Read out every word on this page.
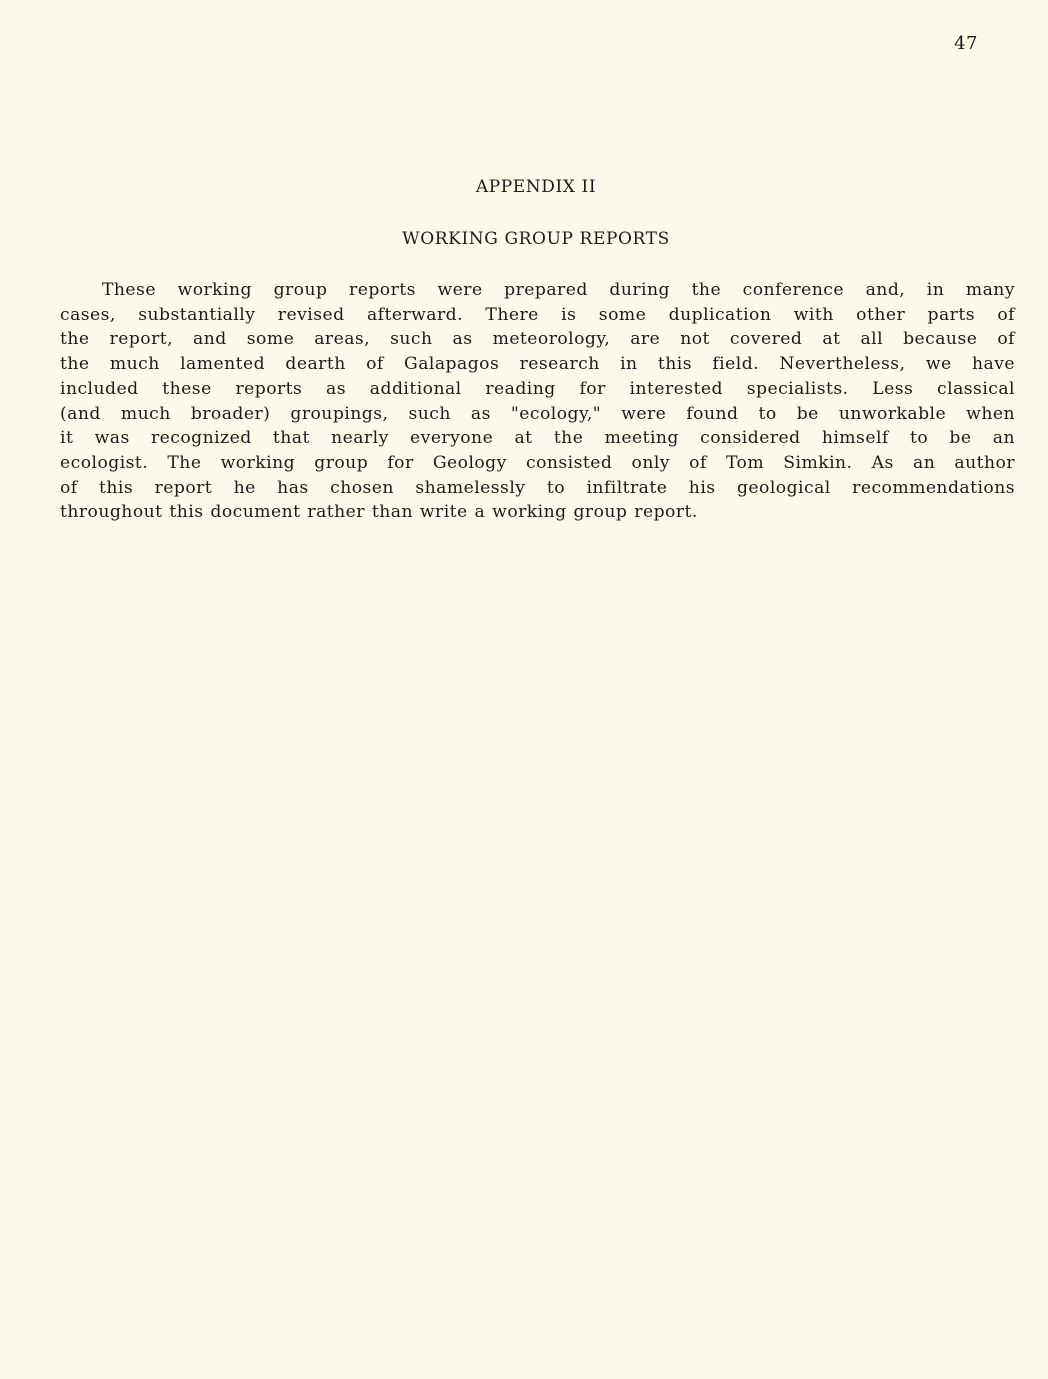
47
APPENDIX II
WORKING GROUP REPORTS
These working group reports were prepared during the conference and, in many
cases, substantially revised afterward. There is some duplication with other parts of
the report, and some areas, such as meteorology, are not covered at all because of
the much lamented dearth of Galapagos research in this field. Nevertheless, we have
included these reports as additional reading for interested specialists. Less classical
(and much broader) groupings, such as "ecology," were found to be unworkable when
it was recognized that nearly everyone at the meeting considered himself to be an
ecologist. The working group for Geology consisted only of Tom Simkin. As an author
of this report he has chosen shamelessly to infiltrate his geological recommendations
throughout this document rather than write a working group report.
